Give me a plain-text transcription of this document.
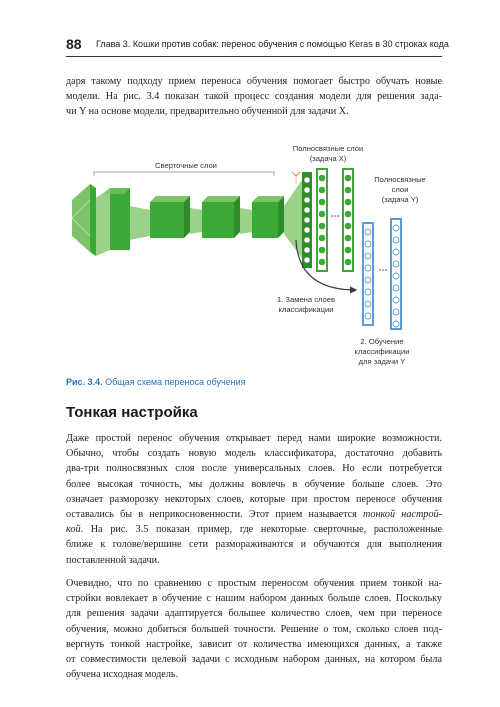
88 Глава 3. Кошки против собак: перенос обучения с помощью Keras в 30 строках кода
даря такому подходу прием переноса обучения помогает быстро обучать новые
модели. На рис. 3.4 показан такой процесс создания модели для решения зада-
чи Y на основе модели, предварительно обученной для задачи X.
Сверточные слои
Полносвязные слои
(задача X)
Полносвязные
слои
(задача Y)
1. Замена слоев
классификации
2. Обучение
классификации
для задачи Y
Рис. 3.4. Общая схема переноса обучения
Тонкая настройка
Даже простой перенос обучения открывает перед нами широкие возможности.
Обычно, чтобы создать новую модель классификатора, достаточно добавить
два-три полносвязных слоя после универсальных слоев. Но если потребуется
более высокая точность, мы должны вовлечь в обучение больше слоев. Это
означает разморозку некоторых слоев, которые при простом переносе обучения
оставались бы в неприкосновенности. Этот прием называется тонкой настрой-
кой. На рис. 3.5 показан пример, где некоторые сверточные, расположенные
ближе к голове/вершине сети размораживаются и обучаются для выполнения
поставленной задачи.
Очевидно, что по сравнению с простым переносом обучения прием тонкой на-
стройки вовлекает в обучение с нашим набором данных больше слоев. Поскольку
для решения задачи адаптируется большее количество слоев, чем при переносе
обучения, можно добиться большей точности. Решение о том, сколько слоев под-
вергнуть тонкой настройке, зависит от количества имеющихся данных, а также
от совместимости целевой задачи с исходным набором данных, на котором была
обучена исходная модель.
